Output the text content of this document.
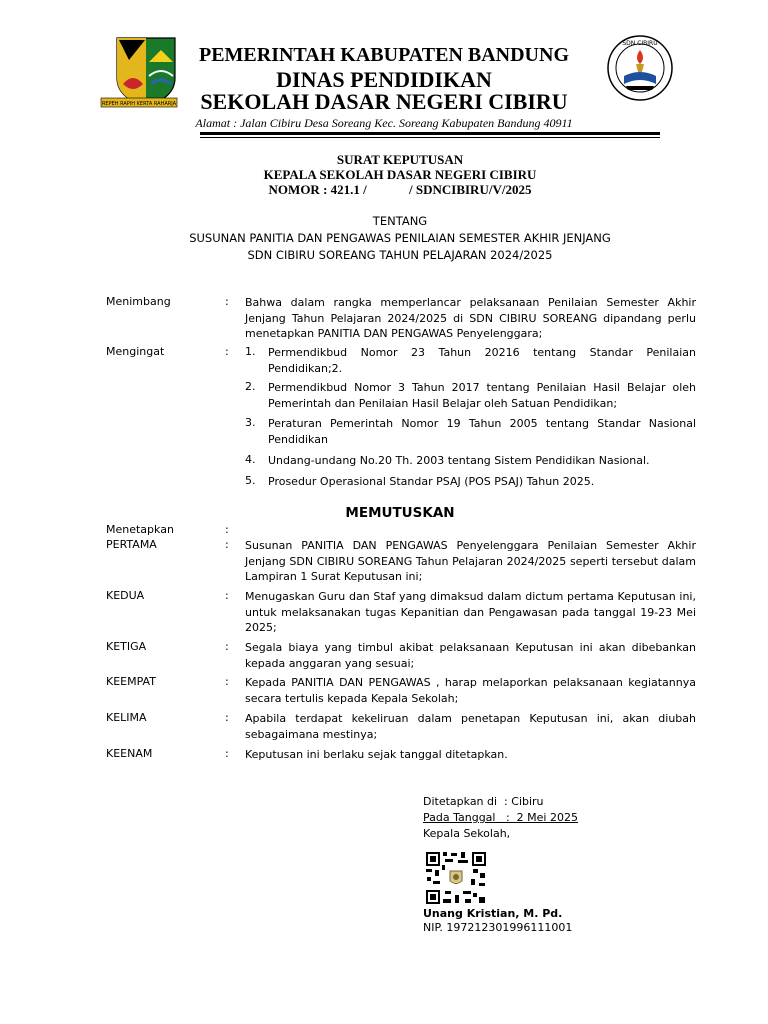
REPEH RAPIH KERTA RAHARJA
PEMERINTAH KABUPATEN BANDUNG
DINAS PENDIDIKAN
SEKOLAH DASAR NEGERI CIBIRU
SDN CIBIRU
Alamat : Jalan Cibiru Desa Soreang Kec. Soreang Kabupaten Bandung 40911
SURAT KEPUTUSAN
KEPALA SEKOLAH DASAR NEGERI CIBIRU
NOMOR : 421.1 /             / SDNCIBIRU/V/2025
TENTANG
SUSUNAN PANITIA DAN PENGAWAS PENILAIAN SEMESTER AKHIR JENJANG
SDN CIBIRU SOREANG TAHUN PELAJARAN 2024/2025
Menimbang	: Bahwa dalam rangka memperlancar pelaksanaan Penilaian Semester Akhir Jenjang Tahun Pelajaran 2024/2025 di SDN CIBIRU SOREANG dipandang perlu menetapkan PANITIA DAN PENGAWAS Penyelenggara;
Mengingat	: 1. Permendikbud Nomor 23 Tahun 20216 tentang Standar Penilaian Pendidikan;2.
2. Permendikbud Nomor 3 Tahun 2017 tentang Penilaian Hasil Belajar oleh Pemerintah dan Penilaian Hasil Belajar oleh Satuan Pendidikan;
3. Peraturan Pemerintah Nomor 19 Tahun 2005 tentang Standar Nasional Pendidikan
4. Undang-undang No.20 Th. 2003 tentang Sistem Pendidikan Nasional.
5. Prosedur Operasional Standar PSAJ (POS PSAJ) Tahun 2025.
MEMUTUSKAN
Menetapkan	:
PERTAMA	: Susunan PANITIA DAN PENGAWAS Penyelenggara Penilaian Semester Akhir Jenjang SDN CIBIRU SOREANG Tahun Pelajaran 2024/2025 seperti tersebut dalam Lampiran 1 Surat Keputusan ini;
KEDUA	: Menugaskan Guru dan Staf yang dimaksud dalam dictum pertama Keputusan ini, untuk melaksanakan tugas Kepanitian dan Pengawasan pada tanggal 19-23 Mei 2025;
KETIGA	: Segala biaya yang timbul akibat pelaksanaan Keputusan ini akan dibebankan kepada anggaran yang sesuai;
KEEMPAT	: Kepada PANITIA DAN PENGAWAS , harap melaporkan pelaksanaan kegiatannya secara tertulis kepada Kepala Sekolah;
KELIMA	: Apabila terdapat kekeliruan dalam penetapan Keputusan ini, akan diubah sebagaimana mestinya;
KEENAM	: Keputusan ini berlaku sejak tanggal ditetapkan.
Ditetapkan di  : Cibiru
Pada Tanggal   :  2 Mei 2025
Kepala Sekolah,
Unang Kristian, M. Pd.
NIP. 197212301996111001
